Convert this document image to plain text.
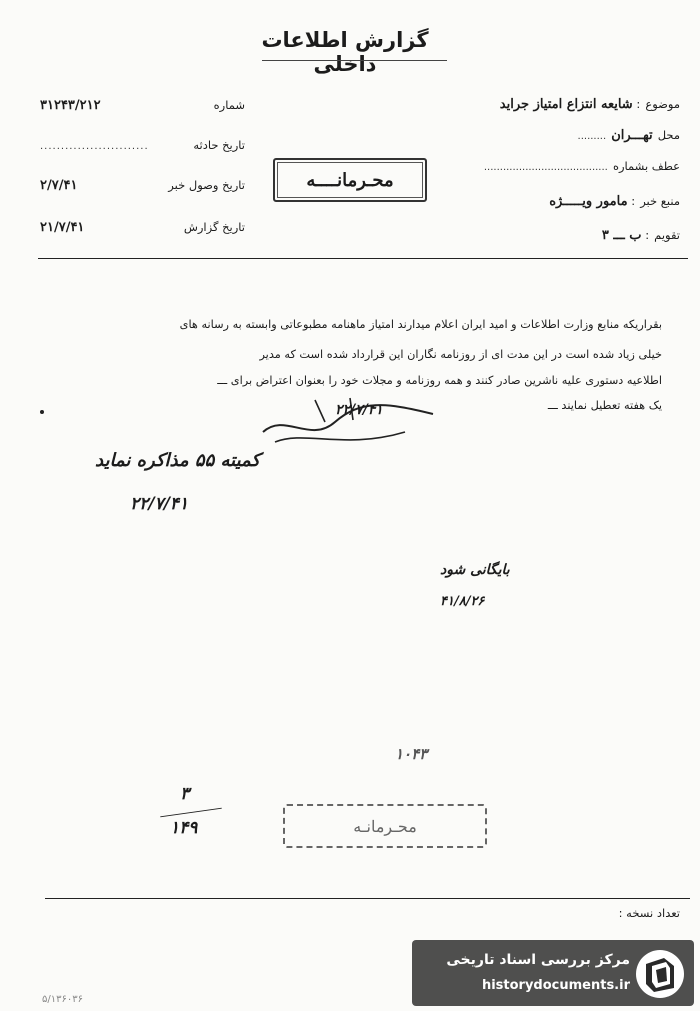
گزارش اطلاعات داخلی
۳۱۲۴۳/۲۱۲	شماره
..........................	تاریخ حادثه
۲/۷/۴۱	تاریخ وصول خبر
۲۱/۷/۴۱	تاریخ گزارش
محـرمانــــه
موضوع : شایعه انتزاع امتیاز جراید
محل تهـــران .........
عطف بشماره .......................................
منبع خبر : مامور ویـــــژه
تقویم : ب ـــ ۳
بقراریکه منابع وزارت اطلاعات و امید ایران اعلام میدارند امتیاز ماهنامه مطبوعاتی وابسته به رسانه های
خیلی زیاد شده است در این مدت ای از روزنامه نگاران این قرارداد شده است که مدیر
اطلاعیه دستوری علیه ناشرین صادر کنند و همه روزنامه و مجلات خود را بعنوان اعتراض برای ـــ
یک هفته تعطیل نمایند ـــ
۲۲/۷/۴۱
کمیته ۵۵ مذاکره نماید
۲۲/۷/۴۱
بایگانی شود
۴۱/۸/۲۶
۱۰۴۳
۳
۱۴۹	محـرمانـه
تعداد نسخه :
۵/۱۳۶۰۳۶
مرکز بررسی اسناد تاریخی
historydocuments.ir
